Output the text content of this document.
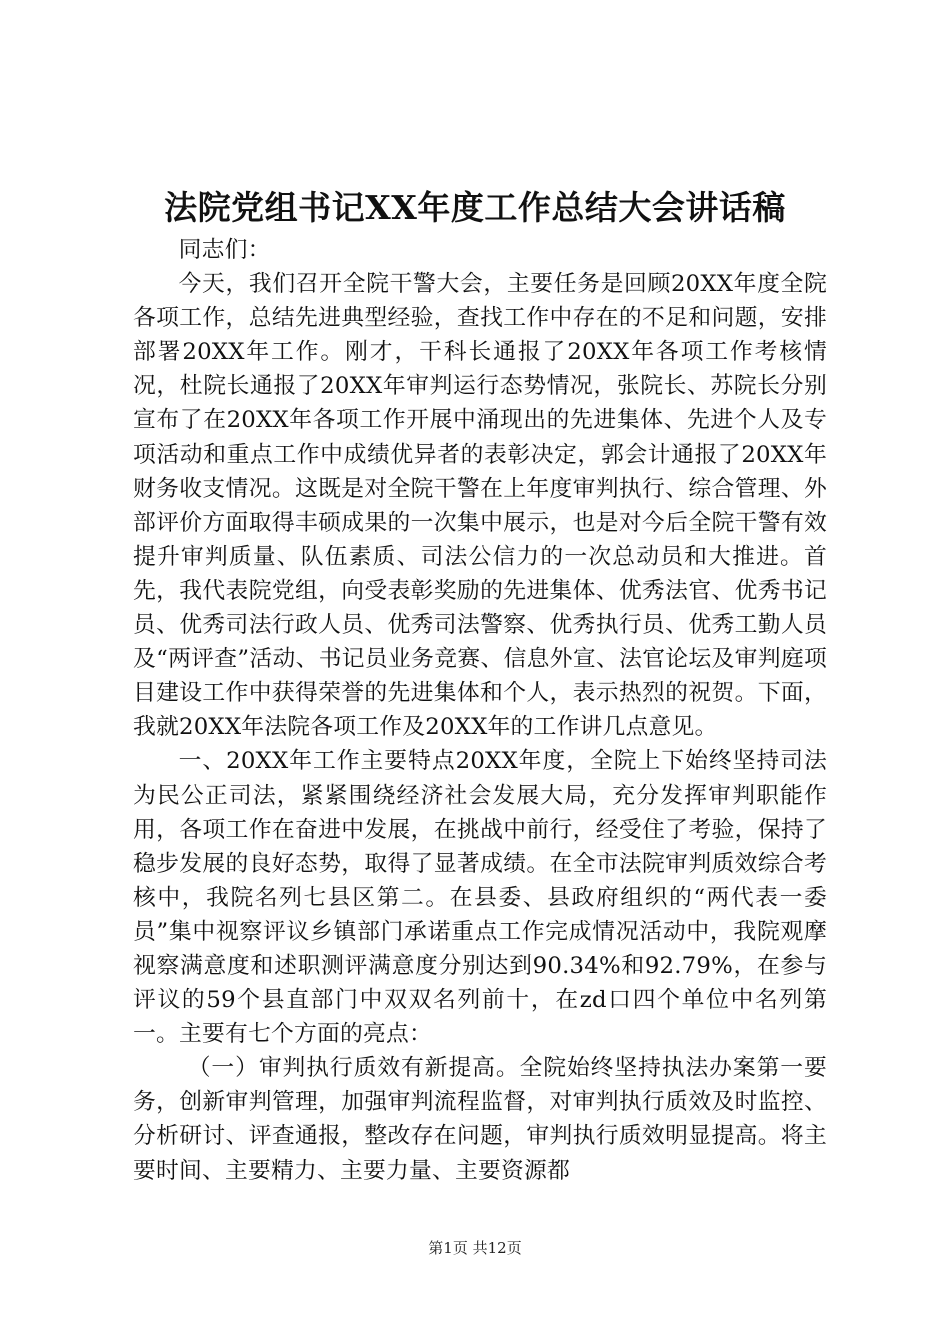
法院党组书记XX年度工作总结大会讲话稿

同志们：

今天，我们召开全院干警大会，主要任务是回顾20XX年度全院各项工作，总结先进典型经验，查找工作中存在的不足和问题，安排部署20XX年工作。刚才，干科长通报了20XX年各项工作考核情况，杜院长通报了20XX年审判运行态势情况，张院长、苏院长分别宣布了在20XX年各项工作开展中涌现出的先进集体、先进个人及专项活动和重点工作中成绩优异者的表彰决定，郭会计通报了20XX年财务收支情况。这既是对全院干警在上年度审判执行、综合管理、外部评价方面取得丰硕成果的一次集中展示，也是对今后全院干警有效提升审判质量、队伍素质、司法公信力的一次总动员和大推进。首先，我代表院党组，向受表彰奖励的先进集体、优秀法官、优秀书记员、优秀司法行政人员、优秀司法警察、优秀执行员、优秀工勤人员及“两评查”活动、书记员业务竞赛、信息外宣、法官论坛及审判庭项目建设工作中获得荣誉的先进集体和个人，表示热烈的祝贺。下面，我就20XX年法院各项工作及20XX年的工作讲几点意见。

一、20XX年工作主要特点20XX年度，全院上下始终坚持司法为民公正司法，紧紧围绕经济社会发展大局，充分发挥审判职能作用，各项工作在奋进中发展，在挑战中前行，经受住了考验，保持了稳步发展的良好态势，取得了显著成绩。在全市法院审判质效综合考核中，我院名列七县区第二。在县委、县政府组织的“两代表一委员”集中视察评议乡镇部门承诺重点工作完成情况活动中，我院观摩视察满意度和述职测评满意度分别达到90.34%和92.79%，在参与评议的59个县直部门中双双名列前十，在zd口四个单位中名列第一。主要有七个方面的亮点：

（一）审判执行质效有新提高。全院始终坚持执法办案第一要务，创新审判管理，加强审判流程监督，对审判执行质效及时监控、分析研讨、评查通报，整改存在问题，审判执行质效明显提高。将主要时间、主要精力、主要力量、主要资源都

第1页 共12页
